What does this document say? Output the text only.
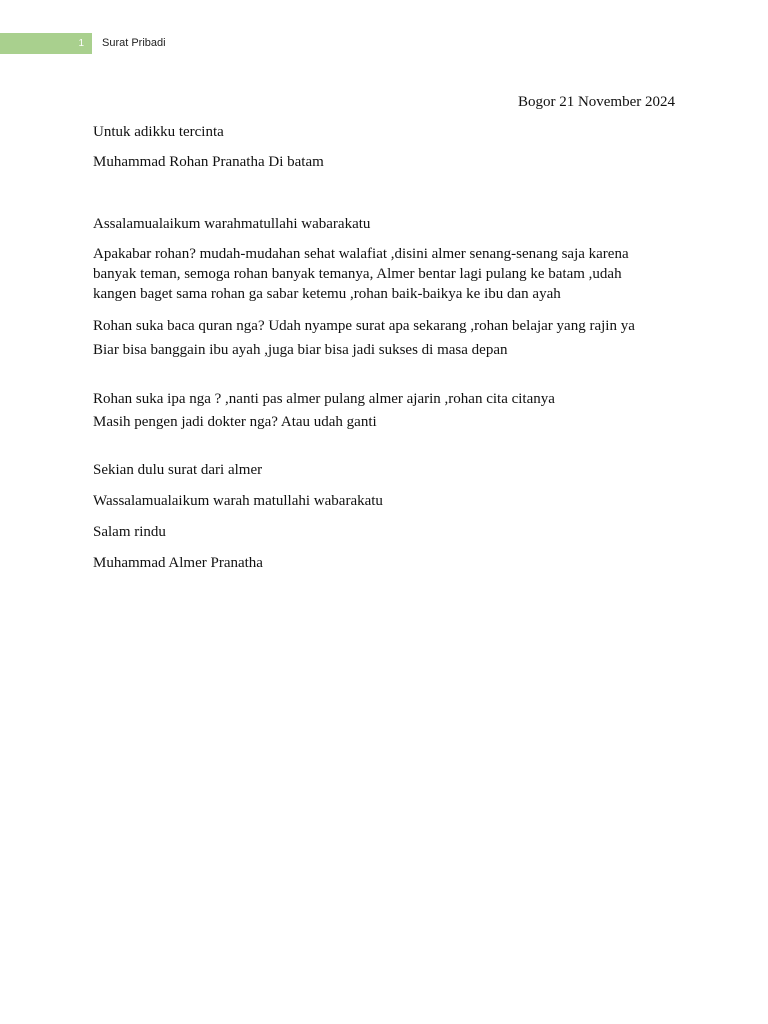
1 Surat Pribadi

Bogor 21 November 2024

Untuk adikku tercinta

Muhammad Rohan Pranatha Di batam

Assalamualaikum warahmatullahi wabarakatu

Apakabar rohan? mudah-mudahan sehat walafiat ,disini almer senang-senang saja karena
banyak teman, semoga rohan banyak temanya, Almer bentar lagi pulang ke batam ,udah
kangen baget sama rohan ga sabar ketemu ,rohan baik-baikya ke ibu dan ayah

Rohan suka baca quran nga? Udah nyampe surat apa sekarang ,rohan belajar yang rajin ya
Biar bisa banggain ibu ayah ,juga biar bisa jadi sukses di masa depan

Rohan suka ipa nga ? ,nanti pas almer pulang almer ajarin ,rohan cita citanya
Masih pengen jadi dokter nga? Atau udah ganti

Sekian dulu surat dari almer

Wassalamualaikum warah matullahi wabarakatu

Salam rindu

Muhammad Almer Pranatha
